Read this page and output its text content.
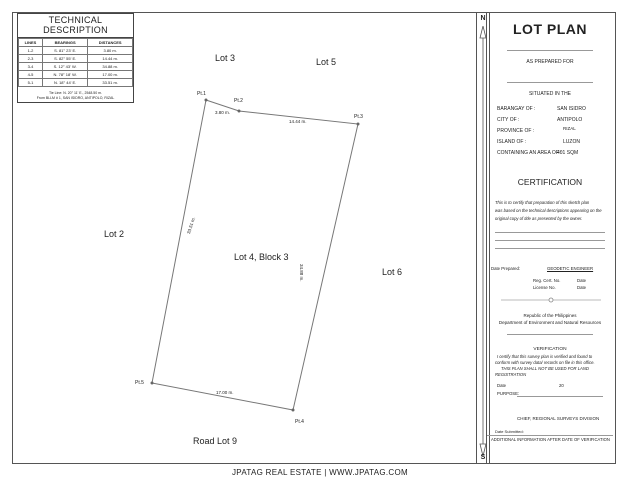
TECHNICAL DESCRIPTION
LINES	BEARINGS	DISTANCES
1-2	S. 81° 23' E.	3.80 m.
2-3	S. 82° 55' E.	14.44 m.
3-4	S. 12° 43' W.	34.88 m.
4-5	N. 78° 18' W.	17.00 m.
5-1	N. 18° 44' E.	33.51 m.
Tie Line: N. 20° 11' E., 2548.50 m.
From BLLM # 1, SAN ISIDRO, ANTIPOLO, RIZAL
Lot 3	Lot 5
Lot 2
Lot 6
Lot 4, Block 3
Road Lot 9
Pt.1
Pt.2
Pt.3
Pt.4
Pt.5
3.80 m.
14.44 m.
34.88 m.
17.00 m.
33.51 m.
N
S
LOT PLAN
AS PREPARED FOR
SITUATED IN THE
BARANGAY OF :	SAN ISIDRO
CITY OF :	ANTIPOLO
PROVINCE OF :	RIZAL
ISLAND OF :	LUZON
CONTAINING AN AREA OF :
401 SQM
CERTIFICATION
This is to certify that preparation of this sketch plan
was based on the technical descriptions appearing on the
original copy of title as presented by the owner.
Date Prepared:	GEODETIC ENGINEER
Reg. Cert. No.	Date
License No.	Date
Republic of the Philippines
Department of Environment and Natural Resources
VERIFICATION
I certify that this survey plan is verified and found to
conform with survey data/ records on file in this office.
THIS PLAN SHALL NOT BE USED FOR LAND
REGISTRATION
Date	20
PURPOSE:
CHIEF, REGIONAL SURVEYS DIVISION
Date Submitted:
ADDITIONAL INFORMATION AFTER DATE OF VERIFICATION
JPATAG REAL ESTATE | WWW.JPATAG.COM
